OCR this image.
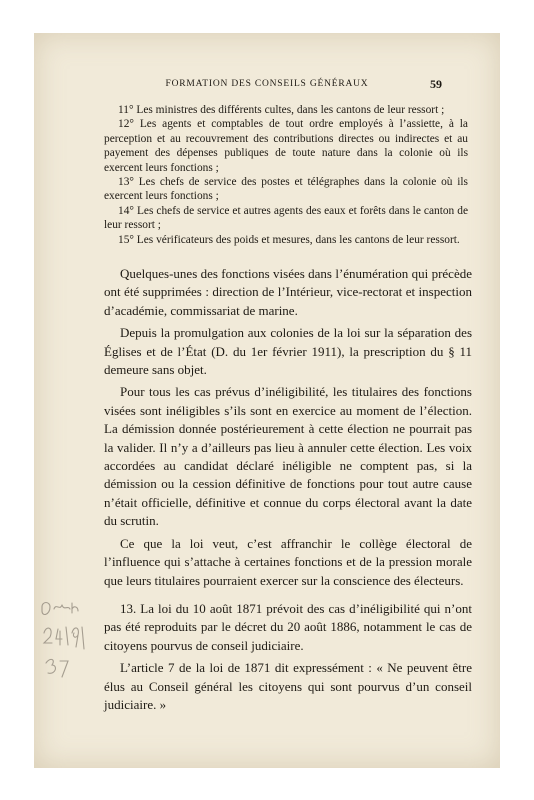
FORMATION DES CONSEILS GÉNÉRAUX	59

11° Les ministres des différents cultes, dans les cantons de leur ressort ;

12° Les agents et comptables de tout ordre employés à l’assiette, à la perception et au recouvrement des contributions directes ou indirectes et au payement des dépenses publiques de toute nature dans la colonie où ils exercent leurs fonctions ;

13° Les chefs de service des postes et télégraphes dans la colonie où ils exercent leurs fonctions ;

14° Les chefs de service et autres agents des eaux et forêts dans le canton de leur ressort ;

15° Les vérificateurs des poids et mesures, dans les cantons de leur ressort.

Quelques-unes des fonctions visées dans l’énumération qui précède ont été supprimées : direction de l’Intérieur, vice-rectorat et inspection d’académie, commissariat de marine.

Depuis la promulgation aux colonies de la loi sur la séparation des Églises et de l’État (D. du 1er février 1911), la prescription du § 11 demeure sans objet.

Pour tous les cas prévus d’inéligibilité, les titulaires des fonctions visées sont inéligibles s’ils sont en exercice au moment de l’élection. La démission donnée postérieurement à cette élection ne pourrait pas la valider. Il n’y a d’ailleurs pas lieu à annuler cette élection. Les voix accordées au candidat déclaré inéligible ne comptent pas, si la démission ou la cession définitive de fonctions pour tout autre cause n’était officielle, définitive et connue du corps électoral avant la date du scrutin.

Ce que la loi veut, c’est affranchir le collège électoral de l’influence qui s’attache à certaines fonctions et de la pression morale que leurs titulaires pourraient exercer sur la conscience des électeurs.

13. La loi du 10 août 1871 prévoit des cas d’inéligibilité qui n’ont pas été reproduits par le décret du 20 août 1886, notamment le cas de citoyens pourvus de conseil judiciaire.

L’article 7 de la loi de 1871 dit expressément : « Ne peuvent être élus au Conseil général les citoyens qui sont pourvus d’un conseil judiciaire. »
